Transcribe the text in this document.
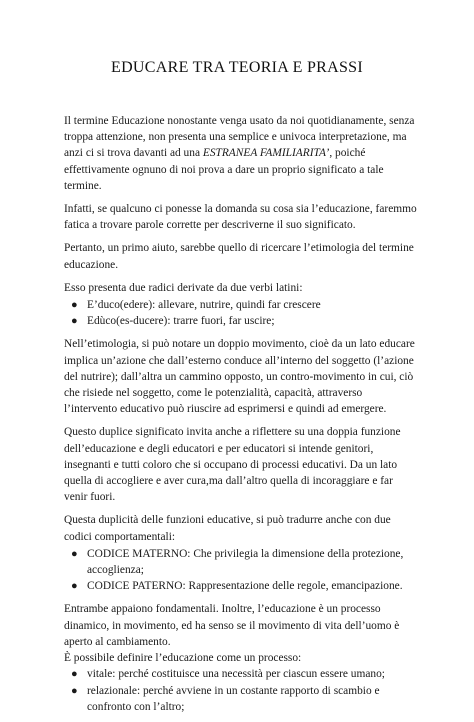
EDUCARE TRA TEORIA E PRASSI

Il termine Educazione nonostante venga usato da noi quotidianamente, senza troppa attenzione, non presenta una semplice e univoca interpretazione, ma anzi ci si trova davanti ad una ESTRANEA FAMILIARITA’, poiché effettivamente ognuno di noi prova a dare un proprio significato a tale termine.

Infatti, se qualcuno ci ponesse la domanda su cosa sia l’educazione, faremmo fatica a trovare parole corrette per descriverne il suo significato.

Pertanto, un primo aiuto, sarebbe quello di ricercare l’etimologia del termine educazione.

Esso presenta due radici derivate da due verbi latini:

● E’duco(edere): allevare, nutrire, quindi far crescere
● Edùco(es-ducere): trarre fuori, far uscire;

Nell’etimologia, si può notare un doppio movimento, cioè da un lato educare implica un’azione che dall’esterno conduce all’interno del soggetto (l’azione del nutrire); dall’altra un cammino opposto, un contro-movimento in cui, ciò che risiede nel soggetto, come le potenzialità, capacità, attraverso l’intervento educativo può riuscire ad esprimersi e quindi ad emergere.

Questo duplice significato invita anche a riflettere su una doppia funzione dell’educazione e degli educatori e per educatori si intende genitori, insegnanti e tutti coloro che si occupano di processi educativi. Da un lato quella di accogliere e aver cura,ma dall’altro quella di incoraggiare e far venir fuori.

Questa duplicità delle funzioni educative, si può tradurre anche con due codici comportamentali:

● CODICE MATERNO: Che privilegia la dimensione della protezione, accoglienza;
● CODICE PATERNO: Rappresentazione delle regole, emancipazione.

Entrambe appaiono fondamentali. Inoltre, l’educazione è un processo dinamico, in movimento, ed ha senso se il movimento di vita dell’uomo è aperto al cambiamento.

È possibile definire l’educazione come un processo:

● vitale: perché costituisce una necessità per ciascun essere umano;
● relazionale: perché avviene in un costante rapporto di scambio e confronto con l’altro;
